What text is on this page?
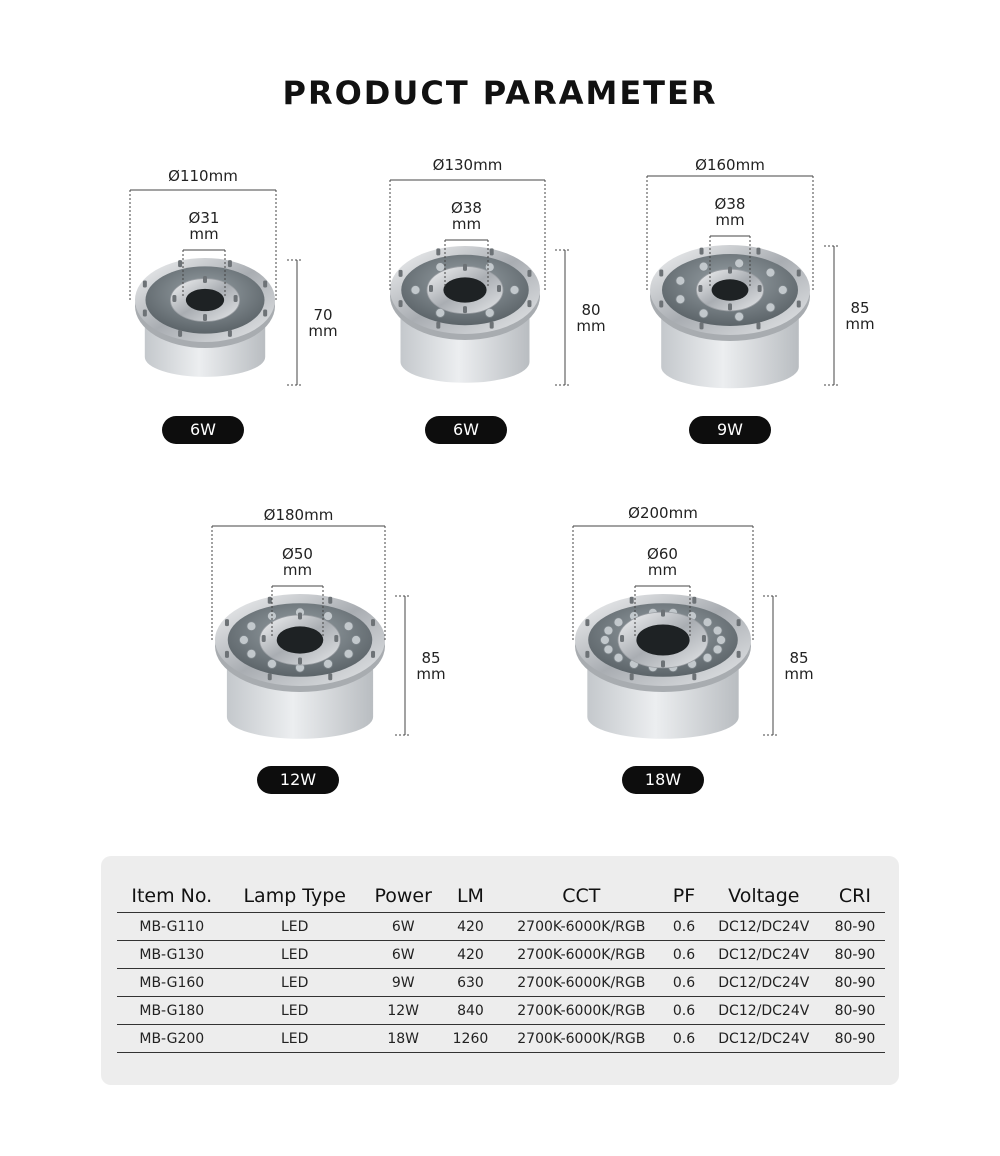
PRODUCT PARAMETER
Ø110mm
Ø31
mm
70
mm
6W
Ø130mm
Ø38
mm
80
mm
6W
Ø160mm
Ø38
mm
85
mm
9W
Ø180mm
Ø50
mm
85
mm
12W
Ø200mm
Ø60
mm
85
mm
18W
Item No.	Lamp Type	Power	LM	CCT	PF	Voltage	CRI
MB-G110	LED	6W	420	2700K-6000K/RGB	0.6	DC12/DC24V	80-90
MB-G130	LED	6W	420	2700K-6000K/RGB	0.6	DC12/DC24V	80-90
MB-G160	LED	9W	630	2700K-6000K/RGB	0.6	DC12/DC24V	80-90
MB-G180	LED	12W	840	2700K-6000K/RGB	0.6	DC12/DC24V	80-90
MB-G200	LED	18W	1260	2700K-6000K/RGB	0.6	DC12/DC24V	80-90
